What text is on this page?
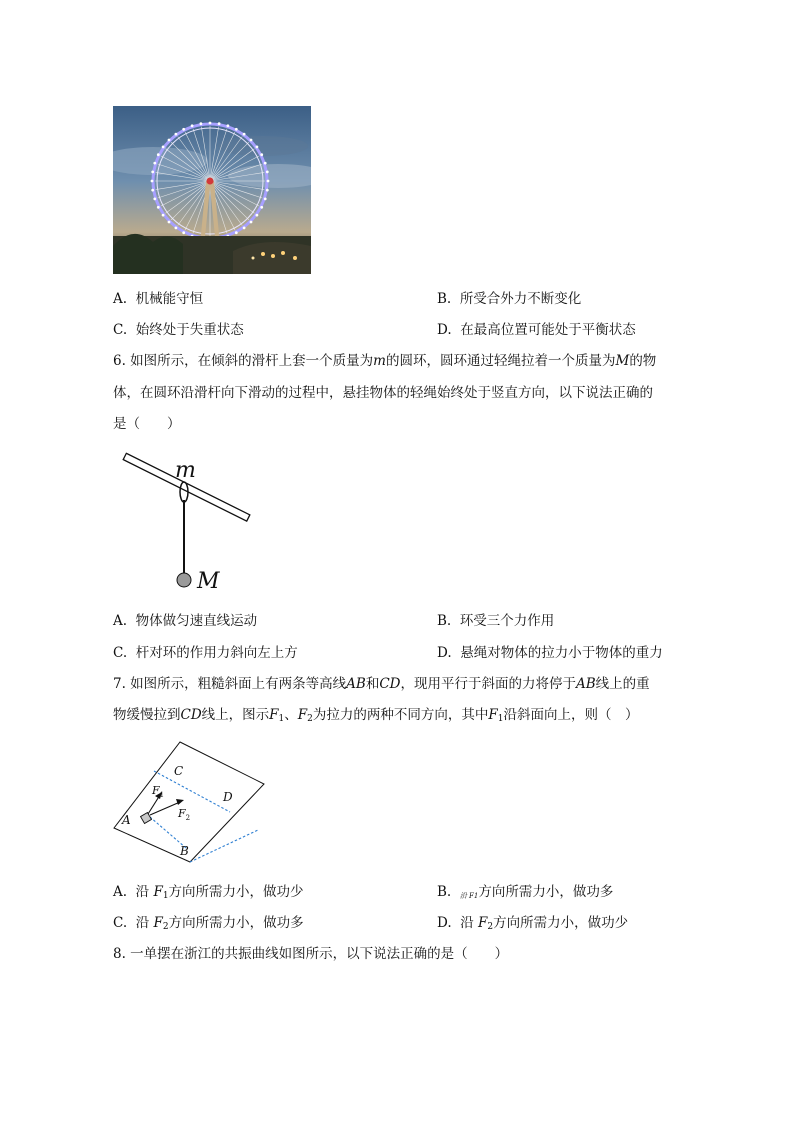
A. 机械能守恒	B. 所受合外力不断变化
C. 始终处于失重状态	D. 在最高位置可能处于平衡状态
6. 如图所示，在倾斜的滑杆上套一个质量为m的圆环，圆环通过轻绳拉着一个质量为M的物
体，在圆环沿滑杆向下滑动的过程中，悬挂物体的轻绳始终处于竖直方向，以下说法正确的
是（　　）
m
M
A. 物体做匀速直线运动	B. 环受三个力作用
C. 杆对环的作用力斜向左上方	D. 悬绳对物体的拉力小于物体的重力
7. 如图所示，粗糙斜面上有两条等高线AB和CD，现用平行于斜面的力将停于AB线上的重
物缓慢拉到CD线上，图示$F_1$、$F_2$为拉力的两种不同方向，其中$F_1$沿斜面向上，则（　）
C
D
A
B
$F_1$
$F_2$
A. 沿 $F_1$方向所需力小，做功少	B. 沿 F1方向所需力小，做功多
C. 沿 $F_2$方向所需力小，做功多	D. 沿 $F_2$方向所需力小，做功少
8. 一单摆在浙江的共振曲线如图所示，以下说法正确的是（　　）
